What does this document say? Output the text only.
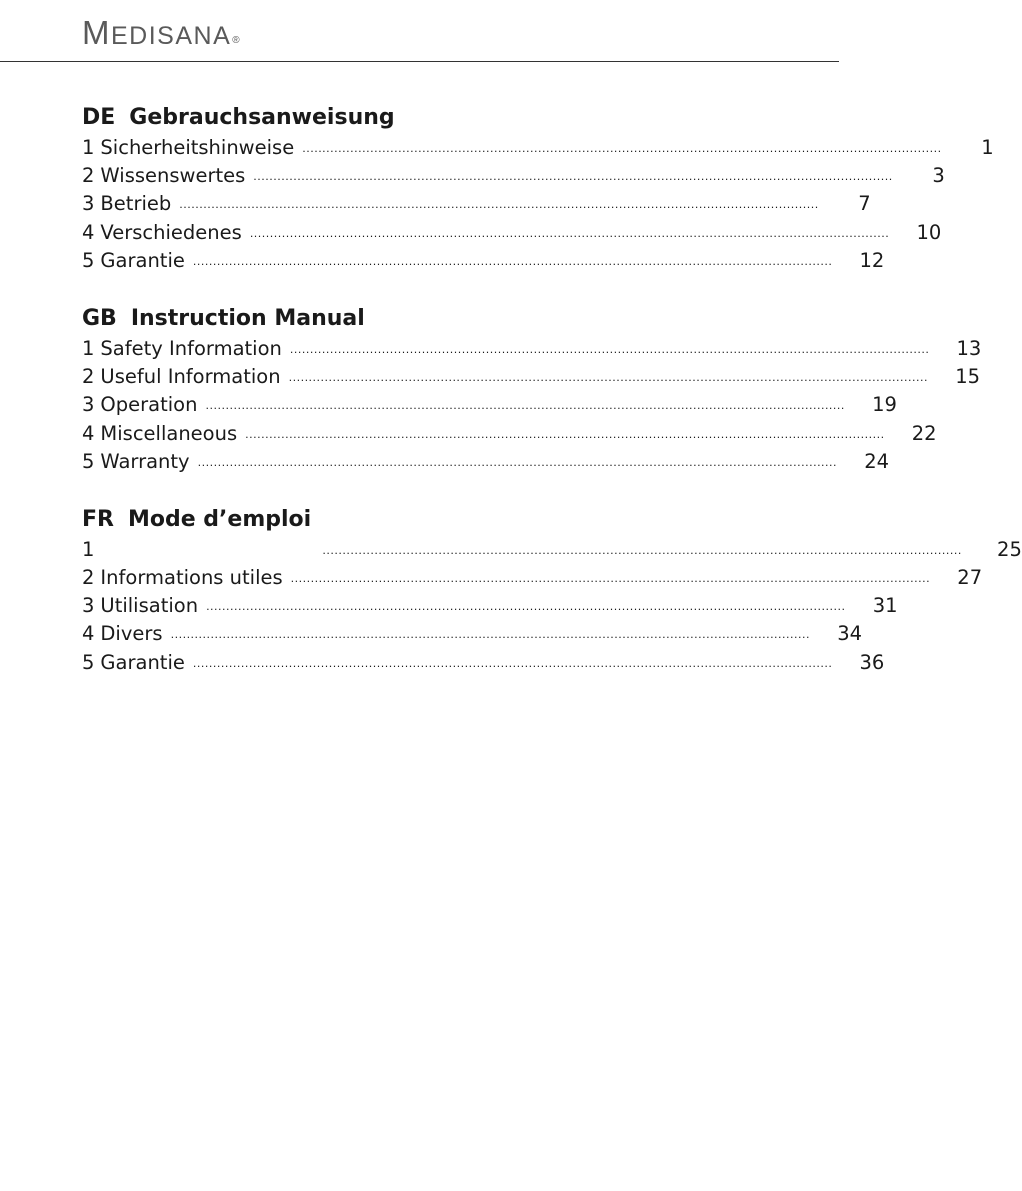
MEDISANA®
DE Gebrauchsanweisung
1 Sicherheitshinweise ................................................................................................................................................................	1
2 Wissenswertes ................................................................................................................................................................	3
3 Betrieb ................................................................................................................................................................	7
4 Verschiedenes ................................................................................................................................................................	10
5 Garantie ................................................................................................................................................................	12
GB Instruction Manual
1 Safety Information ................................................................................................................................................................	13
2 Useful Information ................................................................................................................................................................	15
3 Operation ................................................................................................................................................................	19
4 Miscellaneous ................................................................................................................................................................	22
5 Warranty ................................................................................................................................................................	24
FR Mode d’emploi
1	................................................................................................................................................................	25
2 Informations utiles ................................................................................................................................................................	27
3 Utilisation ................................................................................................................................................................	31
4 Divers ................................................................................................................................................................	34
5 Garantie ................................................................................................................................................................	36
